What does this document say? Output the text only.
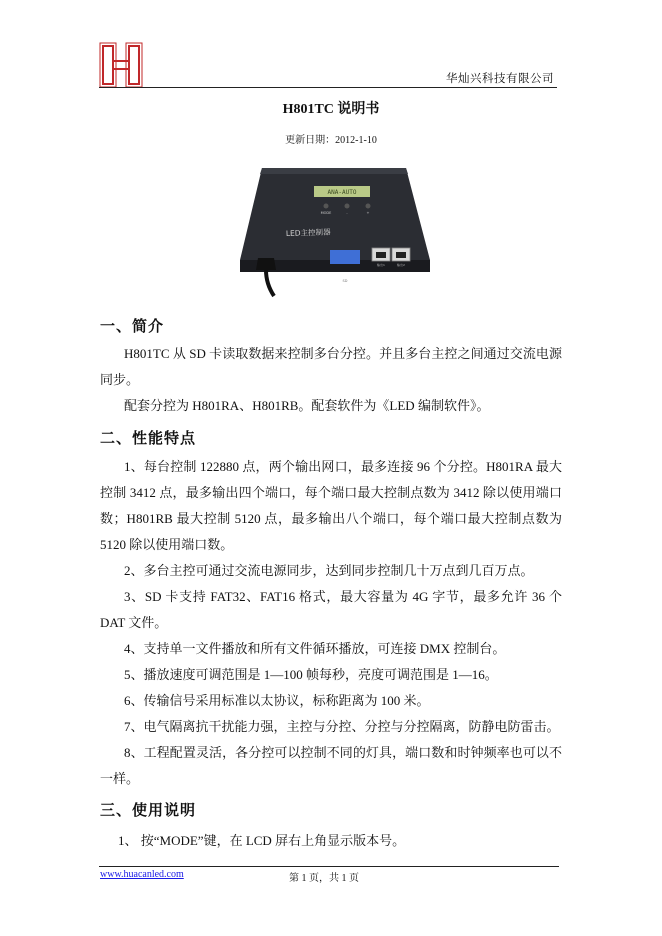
华灿兴科技有限公司
H801TC 说明书
更新日期：2012-1-10
ANA-AUTO
MODE	-	+
LED主控制器
SD
输出1	输出2
一、简介
H801TC 从 SD 卡读取数据来控制多台分控。并且多台主控之间通过交流电源同步。
配套分控为 H801RA、H801RB。配套软件为《LED 编制软件》。
二、性能特点
1、每台控制 122880 点，两个输出网口，最多连接 96 个分控。H801RA 最大控制 3412 点，最多输出四个端口，每个端口最大控制点数为 3412 除以使用端口数；H801RB 最大控制 5120 点，最多输出八个端口，每个端口最大控制点数为 5120 除以使用端口数。
2、多台主控可通过交流电源同步，达到同步控制几十万点到几百万点。
3、SD 卡支持 FAT32、FAT16 格式，最大容量为 4G 字节，最多允许 36 个 DAT 文件。
4、支持单一文件播放和所有文件循环播放，可连接 DMX 控制台。
5、播放速度可调范围是 1—100 帧每秒，亮度可调范围是 1—16。
6、传输信号采用标准以太协议，标称距离为 100 米。
7、电气隔离抗干扰能力强，主控与分控、分控与分控隔离，防静电防雷击。
8、工程配置灵活，各分控可以控制不同的灯具，端口数和时钟频率也可以不一样。
三、使用说明
1、 按“MODE”键，在 LCD 屏右上角显示版本号。
www.huacanled.com	第 1 页，共 1 页
